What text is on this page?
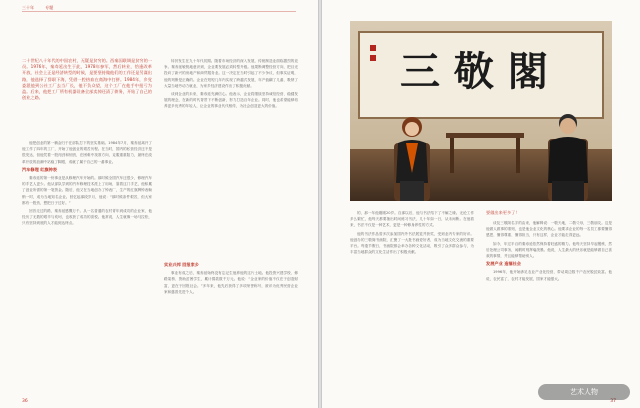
三十年	专题
二十世纪八十年代的中国农村，无疑是贫穷的。西秦国联调是贫穷的一员。1976年，秦寿延出生于此，1978年参军，然后转业，恰逢改革开放，社会上正是经济转型的时候，是要坚持做他们的工作还是另谋出路，他选择了辞职下海，凭借一腔热血在商海中打拼。1984年，乡党委派他到公社工厂去当厂长，他不负众望，这个工厂在他手中扭亏为盈。后来，他把工厂所有机器设备全部卖掉还清了债务，开始了自己的创业之路。

他把创业的第一桶金归于在部队打下的坚实基础。1984年7月，秦寿延离开了他工作了四年的工厂，开始了他创业的艰苦历程。在当时，国内的私营经济还不是很发达，但他凭着一股闯劲和韧劲，在困难中找准方向，克服重重阻力，最终在改革开放的浪潮中站稳了脚跟，成就了属于自己的一番事业。

汽车修理 红旗钟表

秦寿延的第一份事业是从修理汽车开始的。那时候全国汽车还很少，修理汽车的手艺人更少。他从部队学到的汽车修理技术派上了用场，靠着这门手艺，他积累了创业所需的第一笔资金。随后，他又在当地创办了钟表厂，生产的红旗牌钟表畅销一时，成为当地知名企业。回忆起那段岁月，他说：“那时候条件艰苦，但大家都有一股劲，想把日子过好。”

回首走过的路，秦寿延感慨万千。从一名普通的农村青年到成功的企业家，他经历了无数的艰辛与坎坷，也收获了成功的喜悦。他常说，人生就像一场马拉松，只有坚持到底的人才能到达终点。

转折发生在九十年代初期。随着市场经济的深入发展，传统制造业面临激烈的竞争。秦寿延敏锐地意识到，企业要发展必须转型升级。他果断调整经营方向，把目光投向了新兴的房地产和商贸服务业。这一决定在当时引起了不少争议，但事实证明，他的判断是正确的。企业在短短几年内实现了跨越式发展，年产值翻了几番，吸纳了大量当地劳动力就业，为家乡经济建设作出了积极贡献。

谈到企业的未来，秦寿延充满信心。他表示，企业将继续坚持诚信经营、稳健发展的理念，在新的时代背景下不断创新，努力打造百年企业。同时，他也希望能够培养更多优秀的年轻人，让企业的事业代代相传，为社会创造更大的价值。

实业兴邦 回报家乡

事业有成之后，秦寿延始终没有忘记生他养他的这片土地。他投资兴建学校、修路架桥、资助贫困学生，累计捐款数千万元。他说：“企业家的价值不仅在于创造财富，更在于回报社会。”多年来，他先后获得了多项荣誉称号，被评为优秀民营企业家和慈善先进个人。

36
三 敬 閣

的，那一年他刚刚20岁。自那以后，他与书法结下了不解之缘。无论工作多么繁忙，他每天都要抽出时间练习书法，几十年如一日，从未间断。在他看来，书法不仅是一种艺术，更是一种修身养性的方式。

他的书法作品曾多次参加国内外书法展览并获奖，受到业内专家的好评。他创办的三敬阁书画院，汇聚了一大批书画爱好者，成为当地文化交流的重要平台。每逢节假日，书画院都会举办各种文化活动，吸引了众多群众参与，为丰富当地群众的文化生活作出了积极贡献。

要做出来更多了！

谈及三敬阁名字的由来，他解释说：一敬天地，二敬父母，三敬朋友。这是他做人做事的准则，也是他企业文化的核心。他要求企业的每一名员工都要懂得感恩、懂得尊重、懂得担当，只有这样，企业才能走得更远。

如今，年过半百的秦寿延依然保持着旺盛的精力。他每天坚持早起锻炼，然后处理公司事务，闲暇时则挥毫泼墨。他说，人生最大的快乐就是能够做自己喜欢的事情，并且能够帮助别人。

发展产业 造福社会

1996年，他开始涉足农业产业化经营，带动周边数千户农民脱贫致富。他说，农民富了，农村才能发展，国家才能强大。

37
艺术人物
